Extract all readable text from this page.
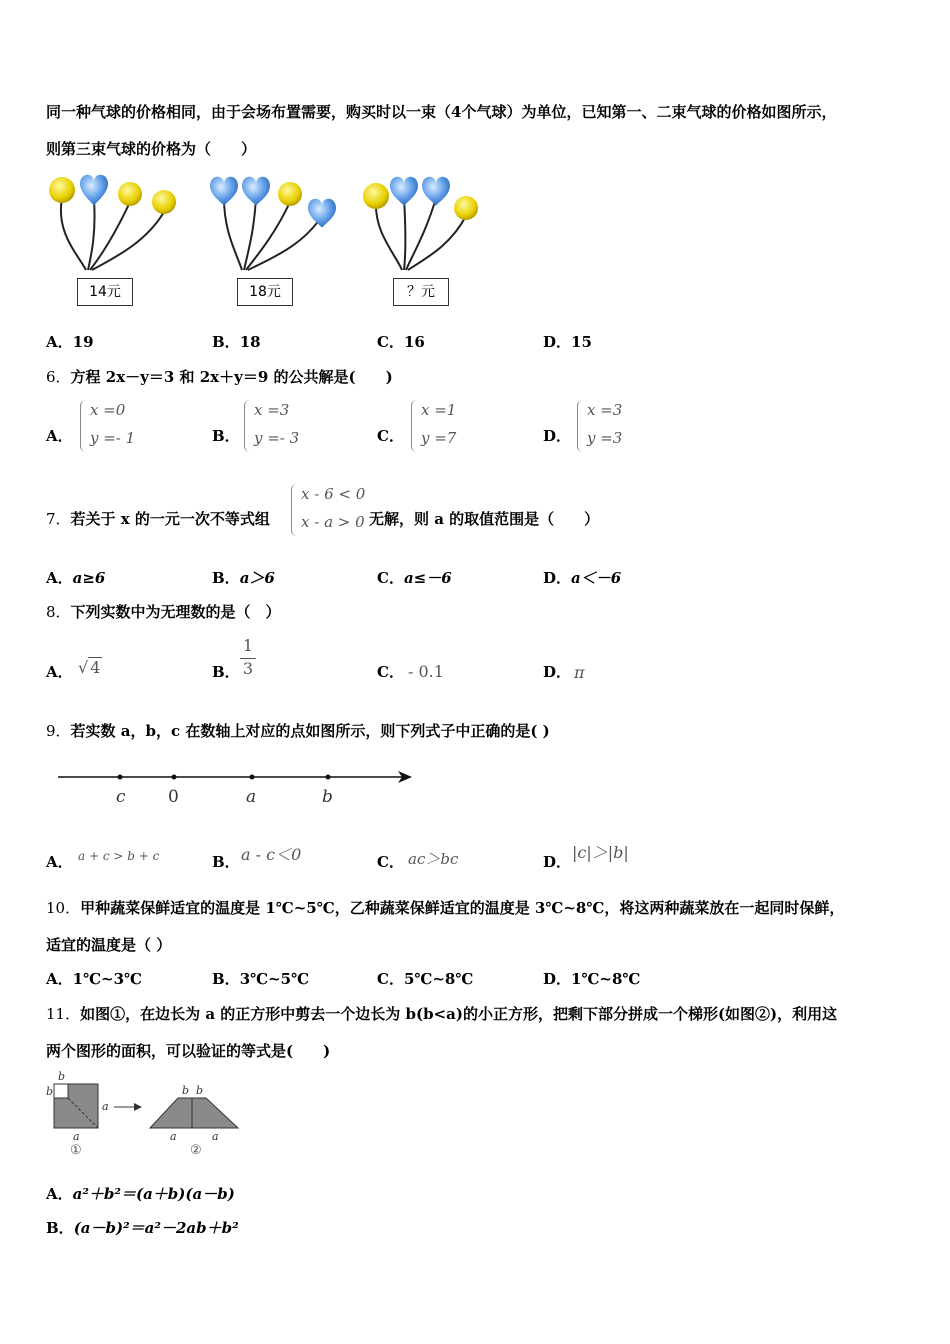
同一种气球的价格相同，由于会场布置需要，购买时以一束（4个气球）为单位，已知第一、二束气球的价格如图所示，
则第三束气球的价格为（　　）
14元	18元	？元
A．19	B．18	C．16	D．15
6．方程 2x－y＝3 和 2x＋y＝9 的公共解是(　　)
A．
x =0
y =- 1	B．
x =3
y =- 3	C．
x =1
y =7	D．
x =3
y =3
7．若关于 x 的一元一次不等式组
x - 6 < 0
x - a > 0 无解，则 a 的取值范围是（　　）
A．a≥6	B．a＞6	C．a≤－6	D．a＜－6
8．下列实数中为无理数的是（　）
A． √ 4	B． $\frac{1}{3}$	C． - 0.1	D． π
9．若实数 a，b，c 在数轴上对应的点如图所示，则下列式子中正确的是( )
c 0	a	b
A． a + c > b + c	B． a - c＜0	C． ac＞bc	D． |c|＞|b|
10．甲种蔬菜保鲜适宜的温度是 1℃~5℃，乙种蔬菜保鲜适宜的温度是 3℃~8℃，将这两种蔬菜放在一起同时保鲜，
适宜的温度是（ ）
A．1℃~3℃	B．3℃~5℃	C．5℃~8℃	D．1℃~8℃
11．如图①，在边长为 a 的正方形中剪去一个边长为 b(b<a)的小正方形，把剩下部分拼成一个梯形(如图②)，利用这
两个图形的面积，可以验证的等式是(　　)
b
b
a
a
①
b b
a	a
②
A．a²＋b²＝(a＋b)(a－b)
B．(a－b)²＝a²－2ab＋b²
